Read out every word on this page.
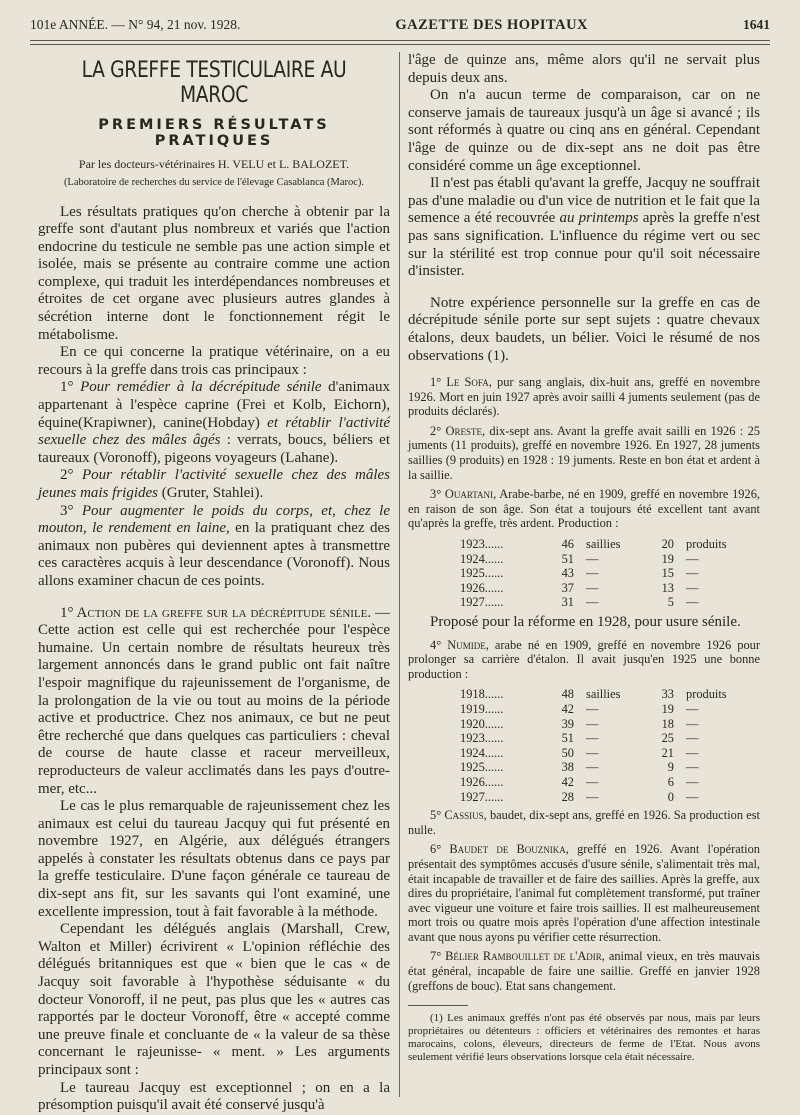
101e ANNÉE. — N° 94, 21 nov. 1928.	GAZETTE DES HOPITAUX	1641
LA GREFFE TESTICULAIRE AU MAROC
PREMIERS RÉSULTATS PRATIQUES
Par les docteurs-vétérinaires H. VELU et L. BALOZET.
(Laboratoire de recherches du service de l'élevage Casablanca (Maroc).

Les résultats pratiques qu'on cherche à obtenir par la greffe sont d'autant plus nombreux et variés que l'action endocrine du testicule ne semble pas une action simple et isolée, mais se présente au contraire comme une action complexe, qui traduit les interdépendances nombreuses et étroites de cet organe avec plusieurs autres glandes à sécrétion interne dont le fonctionnement régit le métabolisme.

En ce qui concerne la pratique vétérinaire, on a eu recours à la greffe dans trois cas principaux :

1° Pour remédier à la décrépitude sénile d'animaux appartenant à l'espèce caprine (Frei et Kolb, Eichorn), équine(Krapiwner), canine(Hobday) et rétablir l'activité sexuelle chez des mâles âgés : verrats, boucs, béliers et taureaux (Voronoff), pigeons voyageurs (Lahane).

2° Pour rétablir l'activité sexuelle chez des mâles jeunes mais frigides (Gruter, Stahlei).

3° Pour augmenter le poids du corps, et, chez le mouton, le rendement en laine, en la pratiquant chez des animaux non pubères qui deviennent aptes à transmettre ces caractères acquis à leur descendance (Voronoff). Nous allons examiner chacun de ces points.

1° Action de la greffe sur la décrépitude sénile. — Cette action est celle qui est recherchée pour l'espèce humaine. Un certain nombre de résultats heureux très largement annoncés dans le grand public ont fait naître l'espoir magnifique du rajeunissement de l'organisme, de la prolongation de la vie ou tout au moins de la période active et productrice. Chez nos animaux, ce but ne peut être recherché que dans quelques cas particuliers : cheval de course de haute classe et raceur merveilleux, reproducteurs de valeur acclimatés dans les pays d'outre-mer, etc...

Le cas le plus remarquable de rajeunissement chez les animaux est celui du taureau Jacquy qui fut présenté en novembre 1927, en Algérie, aux délégués étrangers appelés à constater les résultats obtenus dans ce pays par la greffe testiculaire. D'une façon générale ce taureau de dix-sept ans fit, sur les savants qui l'ont examiné, une excellente impression, tout à fait favorable à la méthode.

Cependant les délégués anglais (Marshall, Crew, Walton et Miller) écrivirent « L'opinion réfléchie des délégués britanniques est que « bien que le cas « de Jacquy soit favorable à l'hypothèse séduisante « du docteur Vonoroff, il ne peut, pas plus que les « autres cas rapportés par le docteur Voronoff, être « accepté comme une preuve finale et concluante de « la valeur de sa thèse concernant le rajeunisse- « ment. » Les arguments principaux sont :

Le taureau Jacquy est exceptionnel ; on en a la présomption puisqu'il avait été conservé jusqu'à

l'âge de quinze ans, même alors qu'il ne servait plus depuis deux ans.

On n'a aucun terme de comparaison, car on ne conserve jamais de taureaux jusqu'à un âge si avancé ; ils sont réformés à quatre ou cinq ans en général. Cependant l'âge de quinze ou de dix-sept ans ne doit pas être considéré comme un âge exceptionnel.

Il n'est pas établi qu'avant la greffe, Jacquy ne souffrait pas d'une maladie ou d'un vice de nutrition et le fait que la semence a été recouvrée au printemps après la greffe n'est pas sans signification. L'influence du régime vert ou sec sur la stérilité est trop connue pour qu'il soit nécessaire d'insister.

Notre expérience personnelle sur la greffe en cas de décrépitude sénile porte sur sept sujets : quatre chevaux étalons, deux baudets, un bélier. Voici le résumé de nos observations (1).

1° Le Sofa, pur sang anglais, dix-huit ans, greffé en novembre 1926. Mort en juin 1927 après avoir sailli 4 juments seulement (pas de produits déclarés).

2° Oreste, dix-sept ans. Avant la greffe avait sailli en 1926 : 25 juments (11 produits), greffé en novembre 1926. En 1927, 28 juments saillies (9 produits) en 1928 : 19 juments. Reste en bon état et ardent à la saillie.

3° Ouartani, Arabe-barbe, né en 1909, greffé en novembre 1926, en raison de son âge. Son état a toujours été excellent tant avant qu'après la greffe, très ardent. Production :

1923......	46	saillies	20	produits
1924......	51	—	19	—
1925......	43	—	15	—
1926......	37	—	13	—
1927......	31	—	5	—

Proposé pour la réforme en 1928, pour usure sénile.

4° Numide, arabe né en 1909, greffé en novembre 1926 pour prolonger sa carrière d'étalon. Il avait jusqu'en 1925 une bonne production :

1918......	48	saillies	33	produits
1919......	42	—	19	—
1920......	39	—	18	—
1923......	51	—	25	—
1924......	50	—	21	—
1925......	38	—	9	—
1926......	42	—	6	—
1927......	28	—	0	—

5° Cassius, baudet, dix-sept ans, greffé en 1926. Sa production est nulle.

6° Baudet de Bouznika, greffé en 1926. Avant l'opération présentait des symptômes accusés d'usure sénile, s'alimentait très mal, était incapable de travailler et de faire des saillies. Après la greffe, aux dires du propriétaire, l'animal fut complètement transformé, put traîner avec vigueur une voiture et faire trois saillies. Il est malheureusement mort trois ou quatre mois après l'opération d'une affection intestinale avant que nous ayons pu vérifier cette résurrection.

7° Bélier Rambouillet de l'Adir, animal vieux, en très mauvais état général, incapable de faire une saillie. Greffé en janvier 1928 (greffons de bouc). Etat sans changement.

(1) Les animaux greffés n'ont pas été observés par nous, mais par leurs propriétaires ou détenteurs : officiers et vétérinaires des remontes et haras marocains, colons, éleveurs, directeurs de ferme de l'Etat. Nous avons seulement vérifié leurs observations lorsque cela était nécessaire.
